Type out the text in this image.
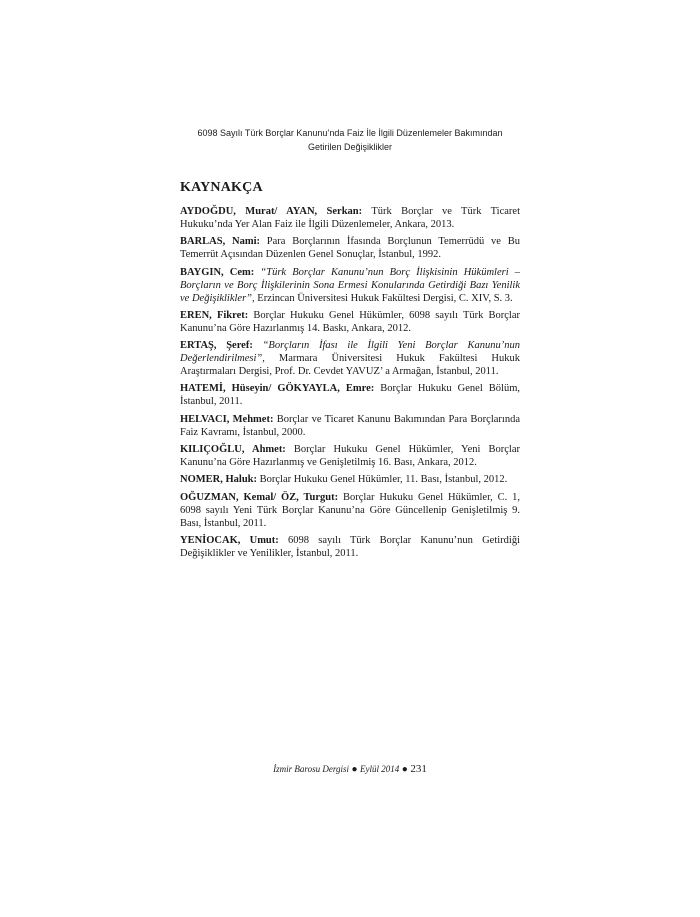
6098 Sayılı Türk Borçlar Kanunu’nda Faiz İle İlgili Düzenlemeler Bakımından
Getirilen Değişiklikler
KAYNAKÇA

AYDOĞDU, Murat/ AYAN, Serkan: Türk Borçlar ve Türk Ticaret Hukuku’nda Yer Alan Faiz ile İlgili Düzenlemeler, Ankara, 2013.

BARLAS, Nami: Para Borçlarının İfasında Borçlunun Temerrüdü ve Bu Temerrüt Açısından Düzenlen Genel Sonuçlar, İstanbul, 1992.

BAYGIN, Cem: “Türk Borçlar Kanunu’nun Borç İlişkisinin Hükümleri – Borçların ve Borç İlişkilerinin Sona Ermesi Konularında Getirdiği Bazı Yenilik ve Değişiklikler”, Erzincan Üniversitesi Hukuk Fakültesi Dergisi, C. XIV, S. 3.

EREN, Fikret: Borçlar Hukuku Genel Hükümler, 6098 sayılı Türk Borçlar Kanunu’na Göre Hazırlanmış 14. Baskı, Ankara, 2012.

ERTAŞ, Şeref: “Borçların İfası ile İlgili Yeni Borçlar Kanunu’nun Değerlendirilmesi”, Marmara Üniversitesi Hukuk Fakültesi Hukuk Araştırmaları Dergisi, Prof. Dr. Cevdet YAVUZ’ a Armağan, İstanbul, 2011.

HATEMİ, Hüseyin/ GÖKYAYLA, Emre: Borçlar Hukuku Genel Bölüm, İstanbul, 2011.

HELVACI, Mehmet: Borçlar ve Ticaret Kanunu Bakımından Para Borçlarında Faiz Kavramı, İstanbul, 2000.

KILIÇOĞLU, Ahmet: Borçlar Hukuku Genel Hükümler, Yeni Borçlar Kanunu’na Göre Hazırlanmış ve Genişletilmiş 16. Bası, Ankara, 2012.

NOMER, Haluk: Borçlar Hukuku Genel Hükümler, 11. Bası, İstanbul, 2012.

OĞUZMAN, Kemal/ ÖZ, Turgut: Borçlar Hukuku Genel Hükümler, C. 1, 6098 sayılı Yeni Türk Borçlar Kanunu’na Göre Güncellenip Genişletilmiş 9. Bası, İstanbul, 2011.

YENİOCAK, Umut: 6098 sayılı Türk Borçlar Kanunu’nun Getirdiği Değişiklikler ve Yenilikler, İstanbul, 2011.

İzmir Barosu Dergisi ● Eylül 2014 ● 231
